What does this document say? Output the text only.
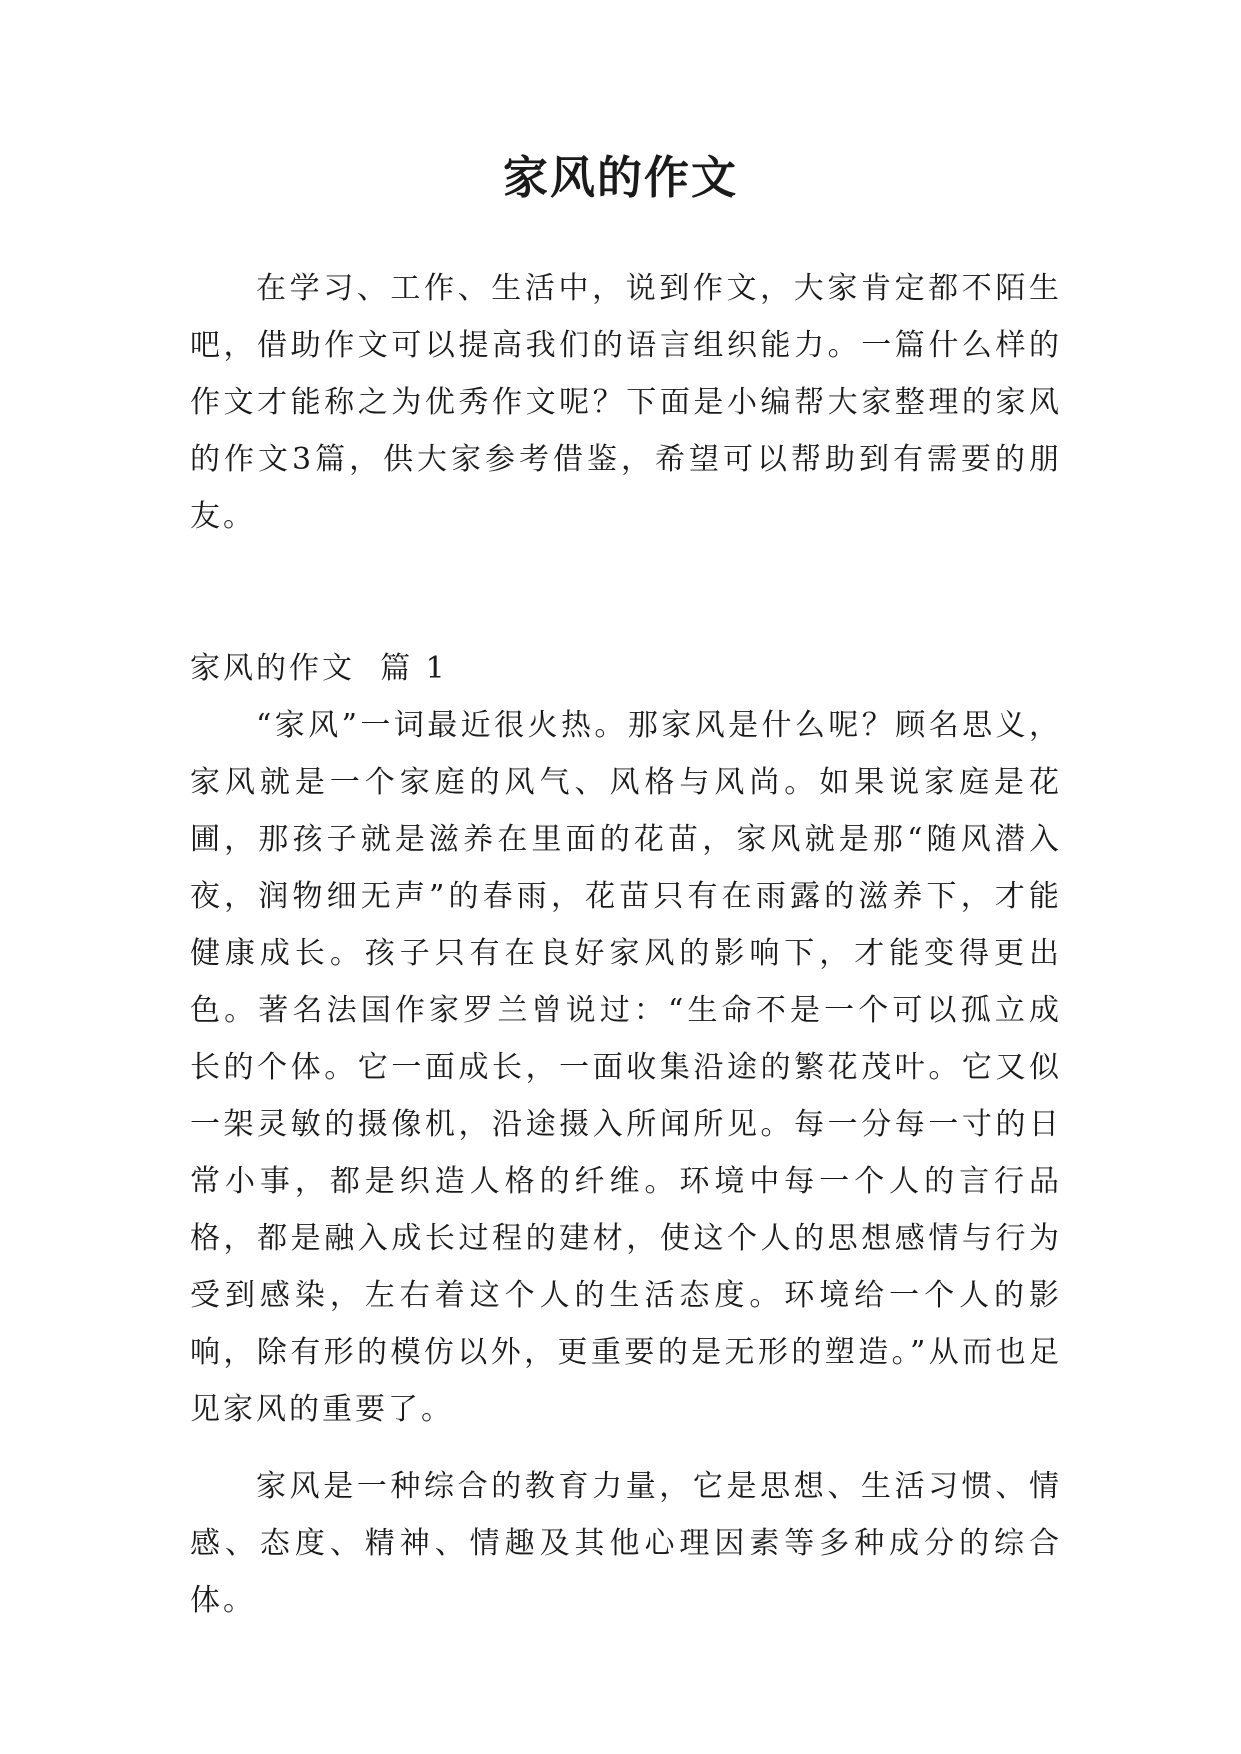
家风的作文

在学习、工作、生活中，说到作文，大家肯定都不陌生吧，借助作文可以提高我们的语言组织能力。一篇什么样的作文才能称之为优秀作文呢？下面是小编帮大家整理的家风的作文3篇，供大家参考借鉴，希望可以帮助到有需要的朋友。

家风的作文  篇 1

“家风”一词最近很火热。那家风是什么呢？顾名思义，家风就是一个家庭的风气、风格与风尚。如果说家庭是花圃，那孩子就是滋养在里面的花苗，家风就是那“随风潜入夜，润物细无声”的春雨，花苗只有在雨露的滋养下，才能健康成长。孩子只有在良好家风的影响下，才能变得更出色。著名法国作家罗兰曾说过：“生命不是一个可以孤立成长的个体。它一面成长，一面收集沿途的繁花茂叶。它又似一架灵敏的摄像机，沿途摄入所闻所见。每一分每一寸的日常小事，都是织造人格的纤维。环境中每一个人的言行品格，都是融入成长过程的建材，使这个人的思想感情与行为受到感染，左右着这个人的生活态度。环境给一个人的影响，除有形的模仿以外，更重要的是无形的塑造。”从而也足见家风的重要了。

家风是一种综合的教育力量，它是思想、生活习惯、情感、态度、精神、情趣及其他心理因素等多种成分的综合体。
